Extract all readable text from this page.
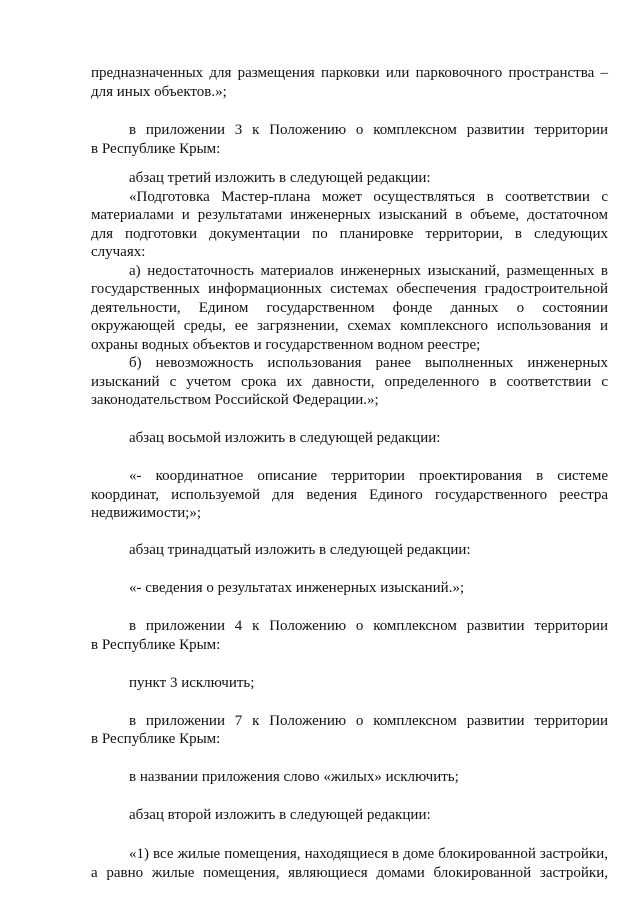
предназначенных для размещения парковки или парковочного пространства –
для иных объектов.»;
в приложении 3 к Положению о комплексном развитии территории
в Республике Крым:
абзац третий изложить в следующей редакции:
«Подготовка Мастер-плана может осуществляться в соответствии с
материалами и результатами инженерных изысканий в объеме, достаточном
для подготовки документации по планировке территории, в следующих
случаях:
а) недостаточность материалов инженерных изысканий, размещенных в
государственных информационных системах обеспечения градостроительной
деятельности, Едином государственном фонде данных о состоянии
окружающей среды, ее загрязнении, схемах комплексного использования и
охраны водных объектов и государственном водном реестре;
б) невозможность использования ранее выполненных инженерных
изысканий с учетом срока их давности, определенного в соответствии с
законодательством Российской Федерации.»;
абзац восьмой изложить в следующей редакции:
«- координатное описание территории проектирования в системе
координат, используемой для ведения Единого государственного реестра
недвижимости;»;
абзац тринадцатый изложить в следующей редакции:
«- сведения о результатах инженерных изысканий.»;
в приложении 4 к Положению о комплексном развитии территории
в Республике Крым:
пункт 3 исключить;
в приложении 7 к Положению о комплексном развитии территории
в Республике Крым:
в названии приложения слово «жилых» исключить;
абзац второй изложить в следующей редакции:
«1) все жилые помещения, находящиеся в доме блокированной застройки,
а равно жилые помещения, являющиеся домами блокированной застройки,
